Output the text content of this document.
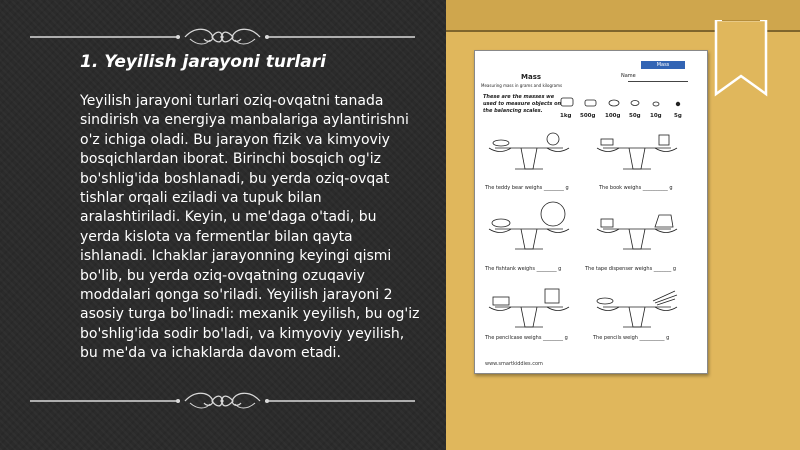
1. Yeyilish jarayoni turlari

Yeyilish jarayoni turlari oziq-ovqatni tanada sindirish va energiya manbalariga aylantirishni o'z ichiga oladi. Bu jarayon fizik va kimyoviy bosqichlardan iborat. Birinchi bosqich og'iz bo'shlig'ida boshlanadi, bu yerda oziq-ovqat tishlar orqali eziladi va tupuk bilan aralashtiriladi. Keyin, u me'daga o'tadi, bu yerda kislota va fermentlar bilan qayta ishlanadi. Ichaklar jarayonning keyingi qismi bo'lib, bu yerda oziq-ovqatning ozuqaviy moddalari qonga so'riladi. Yeyilish jarayoni 2 asosiy turga bo'linadi: mexanik yeyilish, bu og'iz bo'shlig'ida sodir bo'ladi, va kimyoviy yeyilish, bu me'da va ichaklarda davom etadi.

Mass
Mass	Name
Measuring mass in grams and kilograms
These are the masses we used to measure objects on the balancing scales.
1kg 500g 100g 50g 10g 5g
The teddy bear weighs ________ g	The book weighs __________ g
The fishtank weighs ________ g	The tape dispenser weighs _______ g
The pencilcase weighs ________ g	The pencils weigh __________ g
www.smartkiddies.com
